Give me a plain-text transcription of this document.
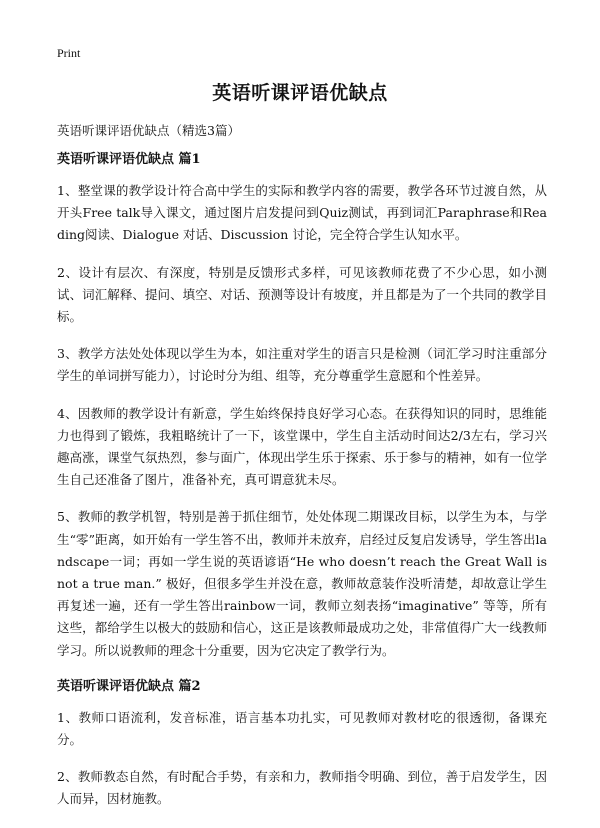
Print
英语听课评语优缺点
英语听课评语优缺点（精选3篇）
英语听课评语优缺点 篇1
1、整堂课的教学设计符合高中学生的实际和教学内容的需要，教学各环节过渡自然，从开头Free talk导入课文，通过图片启发提问到Quiz测试，再到词汇Paraphrase和Reading阅读、Dialogue 对话、Discussion 讨论，完全符合学生认知水平。
2、设计有层次、有深度，特别是反馈形式多样，可见该教师花费了不少心思，如小测试、词汇解释、提问、填空、对话、预测等设计有坡度，并且都是为了一个共同的教学目标。
3、教学方法处处体现以学生为本，如注重对学生的语言只是检测（词汇学习时注重部分学生的单词拼写能力），讨论时分为组、组等，充分尊重学生意愿和个性差异。
4、因教师的教学设计有新意，学生始终保持良好学习心态。在获得知识的同时，思维能力也得到了锻炼，我粗略统计了一下，该堂课中，学生自主活动时间达2/3左右，学习兴趣高涨，课堂气氛热烈，参与面广，体现出学生乐于探索、乐于参与的精神，如有一位学生自己还准备了图片，准备补充，真可谓意犹未尽。
5、教师的教学机智，特别是善于抓住细节，处处体现二期课改目标，以学生为本，与学生“零”距离，如开始有一学生答不出，教师并未放弃，启经过反复启发诱导，学生答出landscape一词；再如一学生说的英语谚语“He who doesn’t reach the Great Wall is not a true man.” 极好，但很多学生并没在意，教师故意装作没听清楚，却故意让学生再复述一遍，还有一学生答出rainbow一词，教师立刻表扬“imaginative” 等等，所有这些，都给学生以极大的鼓励和信心，这正是该教师最成功之处，非常值得广大一线教师学习。所以说教师的理念十分重要，因为它决定了教学行为。
英语听课评语优缺点 篇2
1、教师口语流利，发音标准，语言基本功扎实，可见教师对教材吃的很透彻，备课充分。
2、教师教态自然，有时配合手势，有亲和力，教师指令明确、到位，善于启发学生，因人而异，因材施教。
